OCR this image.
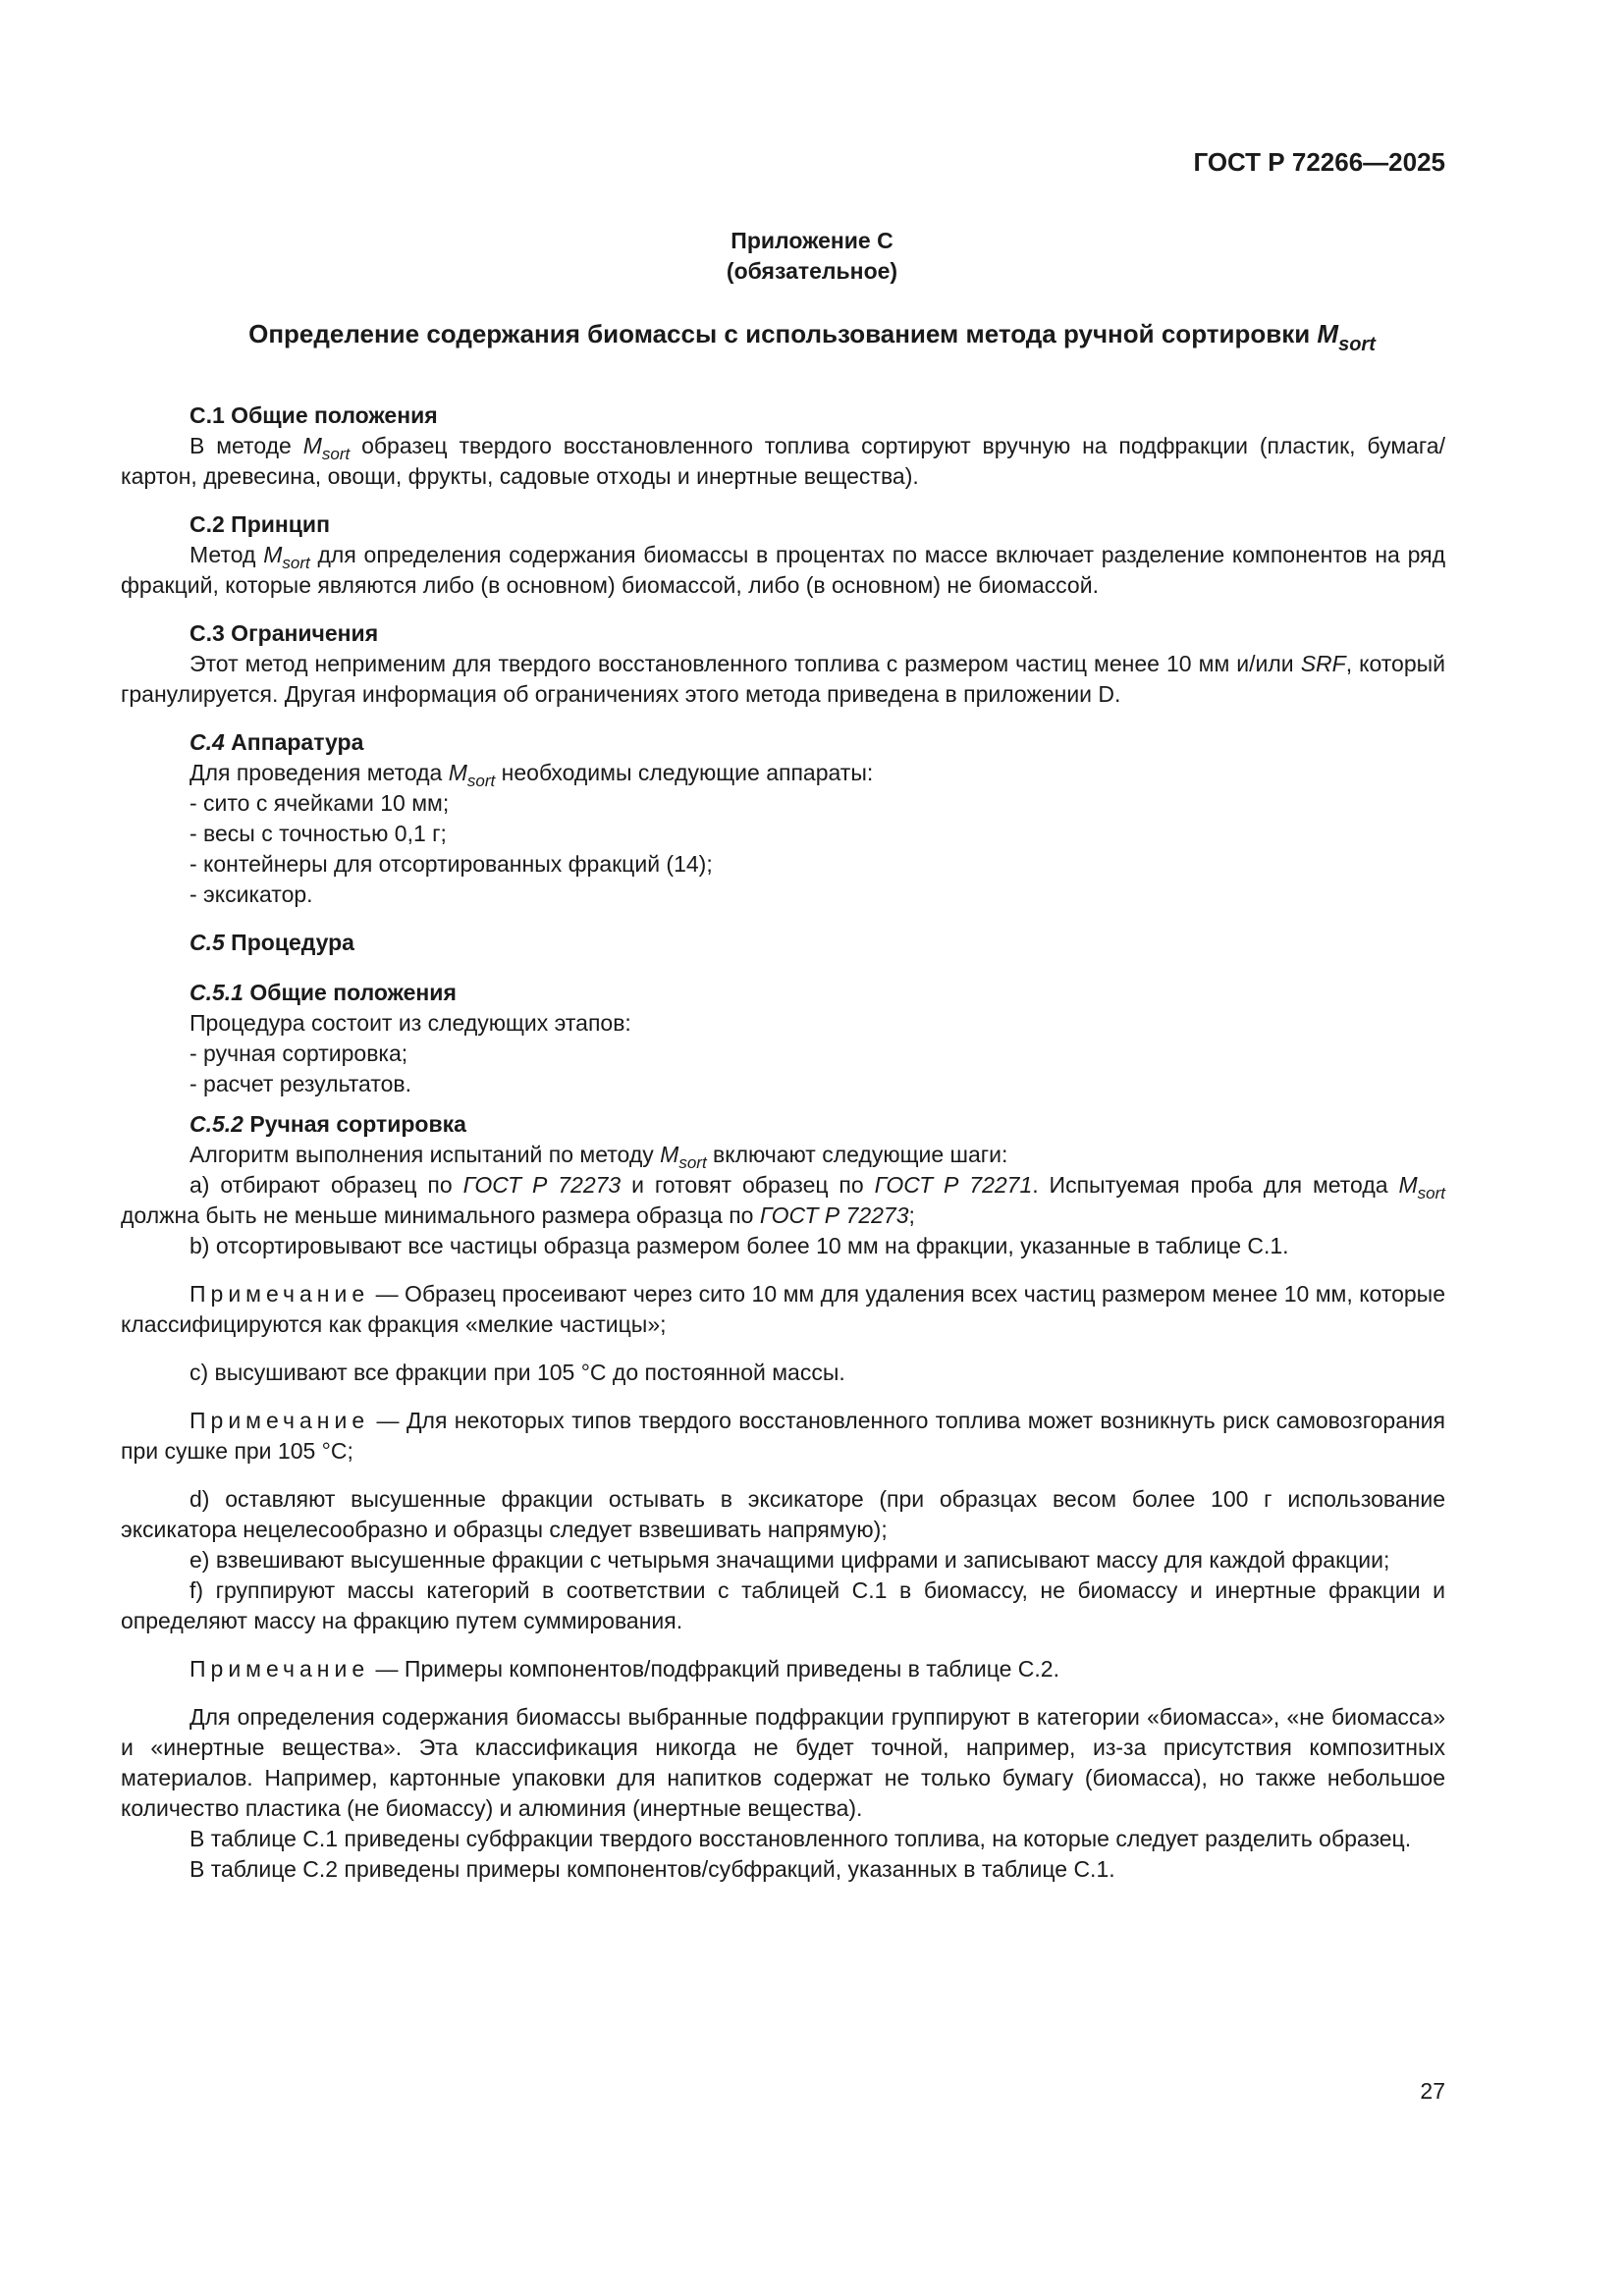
ГОСТ Р 72266—2025
Приложение С
(обязательное)
Определение содержания биомассы с использованием метода ручной сортировки $M_{sort}$
С.1 Общие положения
В методе $M_{sort}$ образец твердого восстановленного топлива сортируют вручную на подфракции (пластик, бумага/картон, древесина, овощи, фрукты, садовые отходы и инертные вещества).
С.2 Принцип
Метод $M_{sort}$ для определения содержания биомассы в процентах по массе включает разделение компонентов на ряд фракций, которые являются либо (в основном) биомассой, либо (в основном) не биомассой.
С.3 Ограничения
Этот метод неприменим для твердого восстановленного топлива с размером частиц менее 10 мм и/или SRF, который гранулируется. Другая информация об ограничениях этого метода приведена в приложении D.
С.4 Аппаратура
Для проведения метода $M_{sort}$ необходимы следующие аппараты:
- сито с ячейками 10 мм;
- весы с точностью 0,1 г;
- контейнеры для отсортированных фракций (14);
- эксикатор.
С.5 Процедура
С.5.1 Общие положения
Процедура состоит из следующих этапов:
- ручная сортировка;
- расчет результатов.
С.5.2 Ручная сортировка
Алгоритм выполнения испытаний по методу $M_{sort}$ включают следующие шаги:
а) отбирают образец по ГОСТ Р 72273 и готовят образец по ГОСТ Р 72271. Испытуемая проба для метода $M_{sort}$ должна быть не меньше минимального размера образца по ГОСТ Р 72273;
b) отсортировывают все частицы образца размером более 10 мм на фракции, указанные в таблице С.1.
Примечание — Образец просеивают через сито 10 мм для удаления всех частиц размером менее 10 мм, которые классифицируются как фракция «мелкие частицы»;
c) высушивают все фракции при 105 °С до постоянной массы.
Примечание — Для некоторых типов твердого восстановленного топлива может возникнуть риск самовозгорания при сушке при 105 °С;
d) оставляют высушенные фракции остывать в эксикаторе (при образцах весом более 100 г использование эксикатора нецелесообразно и образцы следует взвешивать напрямую);
e) взвешивают высушенные фракции с четырьмя значащими цифрами и записывают массу для каждой фракции;
f) группируют массы категорий в соответствии с таблицей С.1 в биомассу, не биомассу и инертные фракции и определяют массу на фракцию путем суммирования.
Примечание — Примеры компонентов/подфракций приведены в таблице С.2.
Для определения содержания биомассы выбранные подфракции группируют в категории «биомасса», «не биомасса» и «инертные вещества». Эта классификация никогда не будет точной, например, из-за присутствия композитных материалов. Например, картонные упаковки для напитков содержат не только бумагу (биомасса), но также небольшое количество пластика (не биомассу) и алюминия (инертные вещества).
В таблице С.1 приведены субфракции твердого восстановленного топлива, на которые следует разделить образец.
В таблице С.2 приведены примеры компонентов/субфракций, указанных в таблице С.1.
27
